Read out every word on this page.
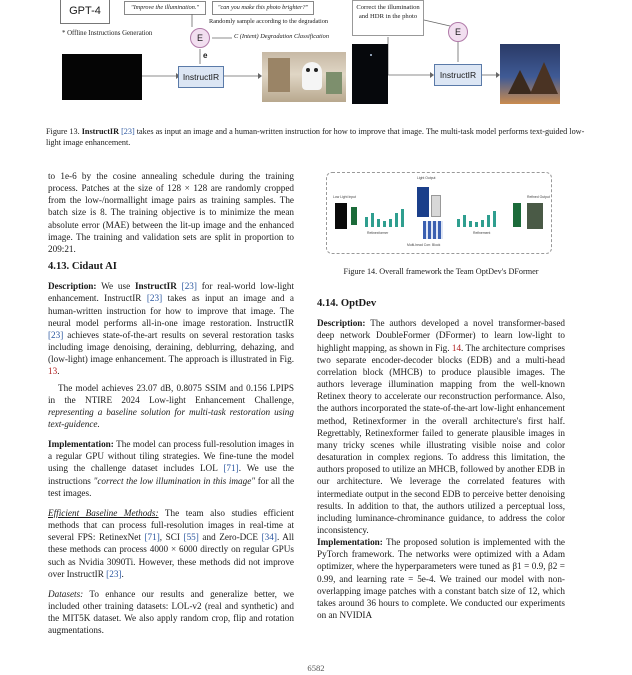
GPT-4	"Improve the illumination."	"can you make this photo brighter?"
Randomly sample according to the degradation
* Offline Instructions Generation	C (Intent) Degradation Classification
E
e
InstructIR
Correct the illumination and HDR in the photo
E
InstructIR
Figure 13. InstructIR [23] takes as input an image and a human-written instruction for how to improve that image. The multi-task model performs text-guided low-light image enhancement.

to 1e-6 by the cosine annealing schedule during the training process. Patches at the size of 128 × 128 are randomly cropped from the low-/normallight image pairs as training samples. The batch size is 8. The training objective is to minimize the mean absolute error (MAE) between the lit-up image and the enhanced image. The training and validation sets are split in proportion to 209:21.

4.13. Cidaut AI

Description: We use InstructIR [23] for real-world low-light enhancement. InstructIR [23] takes as input an image and a human-written instruction for how to improve that image. The neural model performs all-in-one image restoration. InstructIR [23] achieves state-of-the-art results on several restoration tasks including image denoising, deraining, deblurring, dehazing, and (low-light) image enhancement. The approach is illustrated in Fig. 13.

The model achieves 23.07 dB, 0.8075 SSIM and 0.156 LPIPS in the NTIRE 2024 Low-light Enhancement Challenge, representing a baseline solution for multi-task restoration using text-guidence.

Implementation: The model can process full-resolution images in a regular GPU without tiling strategies. We fine-tune the model using the challenge dataset includes LOL [71]. We use the instructions "correct the low illumination in this image" for all the test images.

Efficient Baseline Methods: The team also studies efficient methods that can process full-resolution images in real-time at several FPS: RetinexNet [71], SCI [55] and Zero-DCE [34]. All these methods can process 4000 × 6000 directly on regular GPUs such as Nvidia 3090Ti. However, these methods did not improve over InstructIR [23].

Datasets: To enhance our results and generalize better, we included other training datasets: LOL-v2 (real and synthetic) and the MIT5K dataset. We also apply random crop, flip and rotation augmentations.

Low Light Input
Light Output
Refined Output
Retinexformer
Multi-head Corr. Block
Refinement

Figure 14. Overall framework the Team OptDev's DFormer

4.14. OptDev

Description: The authors developed a novel transformer-based deep network DoubleFormer (DFormer) to learn low-light to highlight mapping, as shown in Fig. 14. The architecture comprises two separate encoder-decoder blocks (EDB) and a multi-head correlation block (MHCB) to produce plausible images. The authors leverage illumination mapping from the well-known Retinex theory to accelerate our reconstruction performance. Also, the authors incorporated the state-of-the-art low-light enhancement method, Retinexformer in the overall architecture's first half. Regrettably, Retinexformer failed to generate plausible images in many tricky scenes while illustrating visible noise and color desaturation in complex regions. To address this limitation, the authors proposed to utilize an MHCB, followed by another EDB in our architecture. We leverage the correlated features with intermediate output in the second EDB to perceive better denoising results. In addition to that, the authors utilized a perceptual loss, including luminance-chrominance guidance, to address the color inconsistency.

Implementation: The proposed solution is implemented with the PyTorch framework. The networks were optimized with a Adam optimizer, where the hyperparameters were tuned as β1 = 0.9, β2 = 0.99, and learning rate = 5e-4. We trained our model with non-overlapping image patches with a constant batch size of 12, which takes around 36 hours to complete. We conducted our experiments on an NVIDIA

6582
